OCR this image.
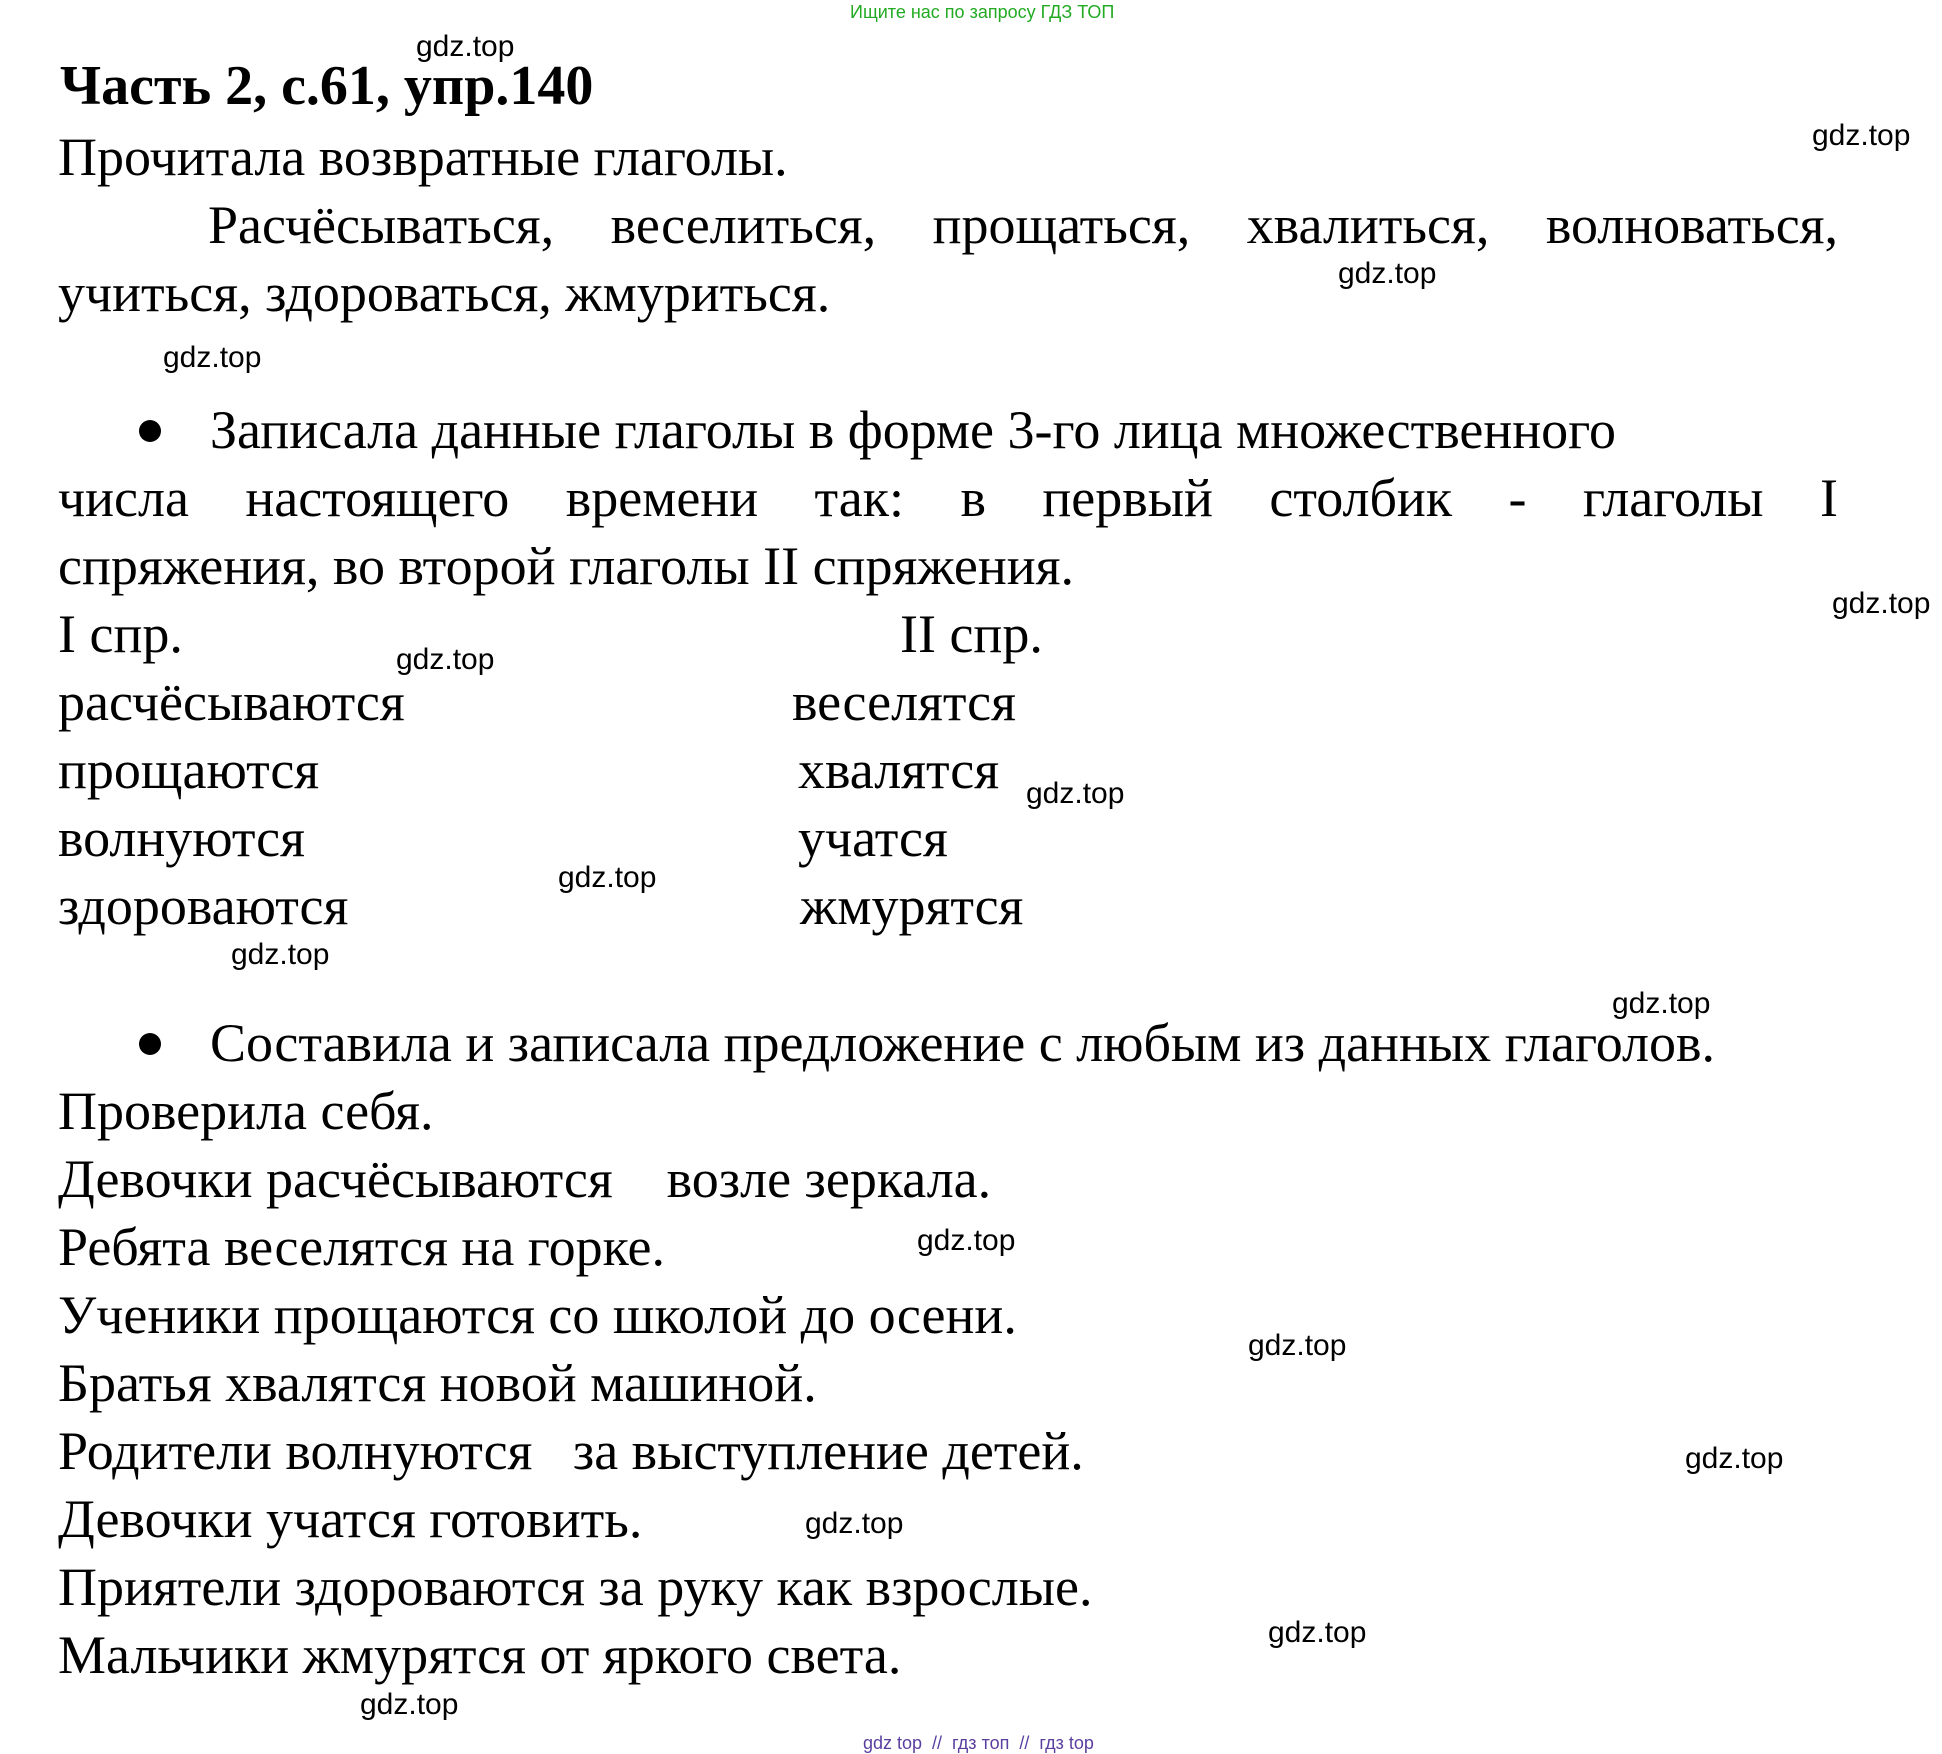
Ищите нас по запросу ГДЗ ТОП
Часть 2, с.61, упр.140
Прочитала возвратные глаголы.
Расчёсываться, веселиться, прощаться, хвалиться, волноваться,
учиться, здороваться, жмуриться.
Записала данные глаголы в форме 3-го лица множественного
числа настоящего времени так: в первый столбик - глаголы I
спряжения, во второй глаголы II спряжения.
I спр.	II спр.
расчёсываются
прощаются
волнуются
здороваются
веселятся
хвалятся
учатся
жмурятся
Составила и записала предложение с любым из данных глаголов.
Проверила себя.
Девочки расчёсываются    возле зеркала.
Ребята веселятся на горке.
Ученики прощаются со школой до осени.
Братья хвалятся новой машиной.
Родители волнуются   за выступление детей.
Девочки учатся готовить.
Приятели здороваются за руку как взрослые.
Мальчики жмурятся от яркого света.
gdz.top
gdz.top
gdz.top
gdz.top
gdz.top
gdz.top
gdz.top
gdz.top
gdz.top
gdz.top
gdz.top
gdz.top
gdz.top
gdz.top
gdz.top
gdz.top
gdz top  //  гдз топ  //  гдз top
